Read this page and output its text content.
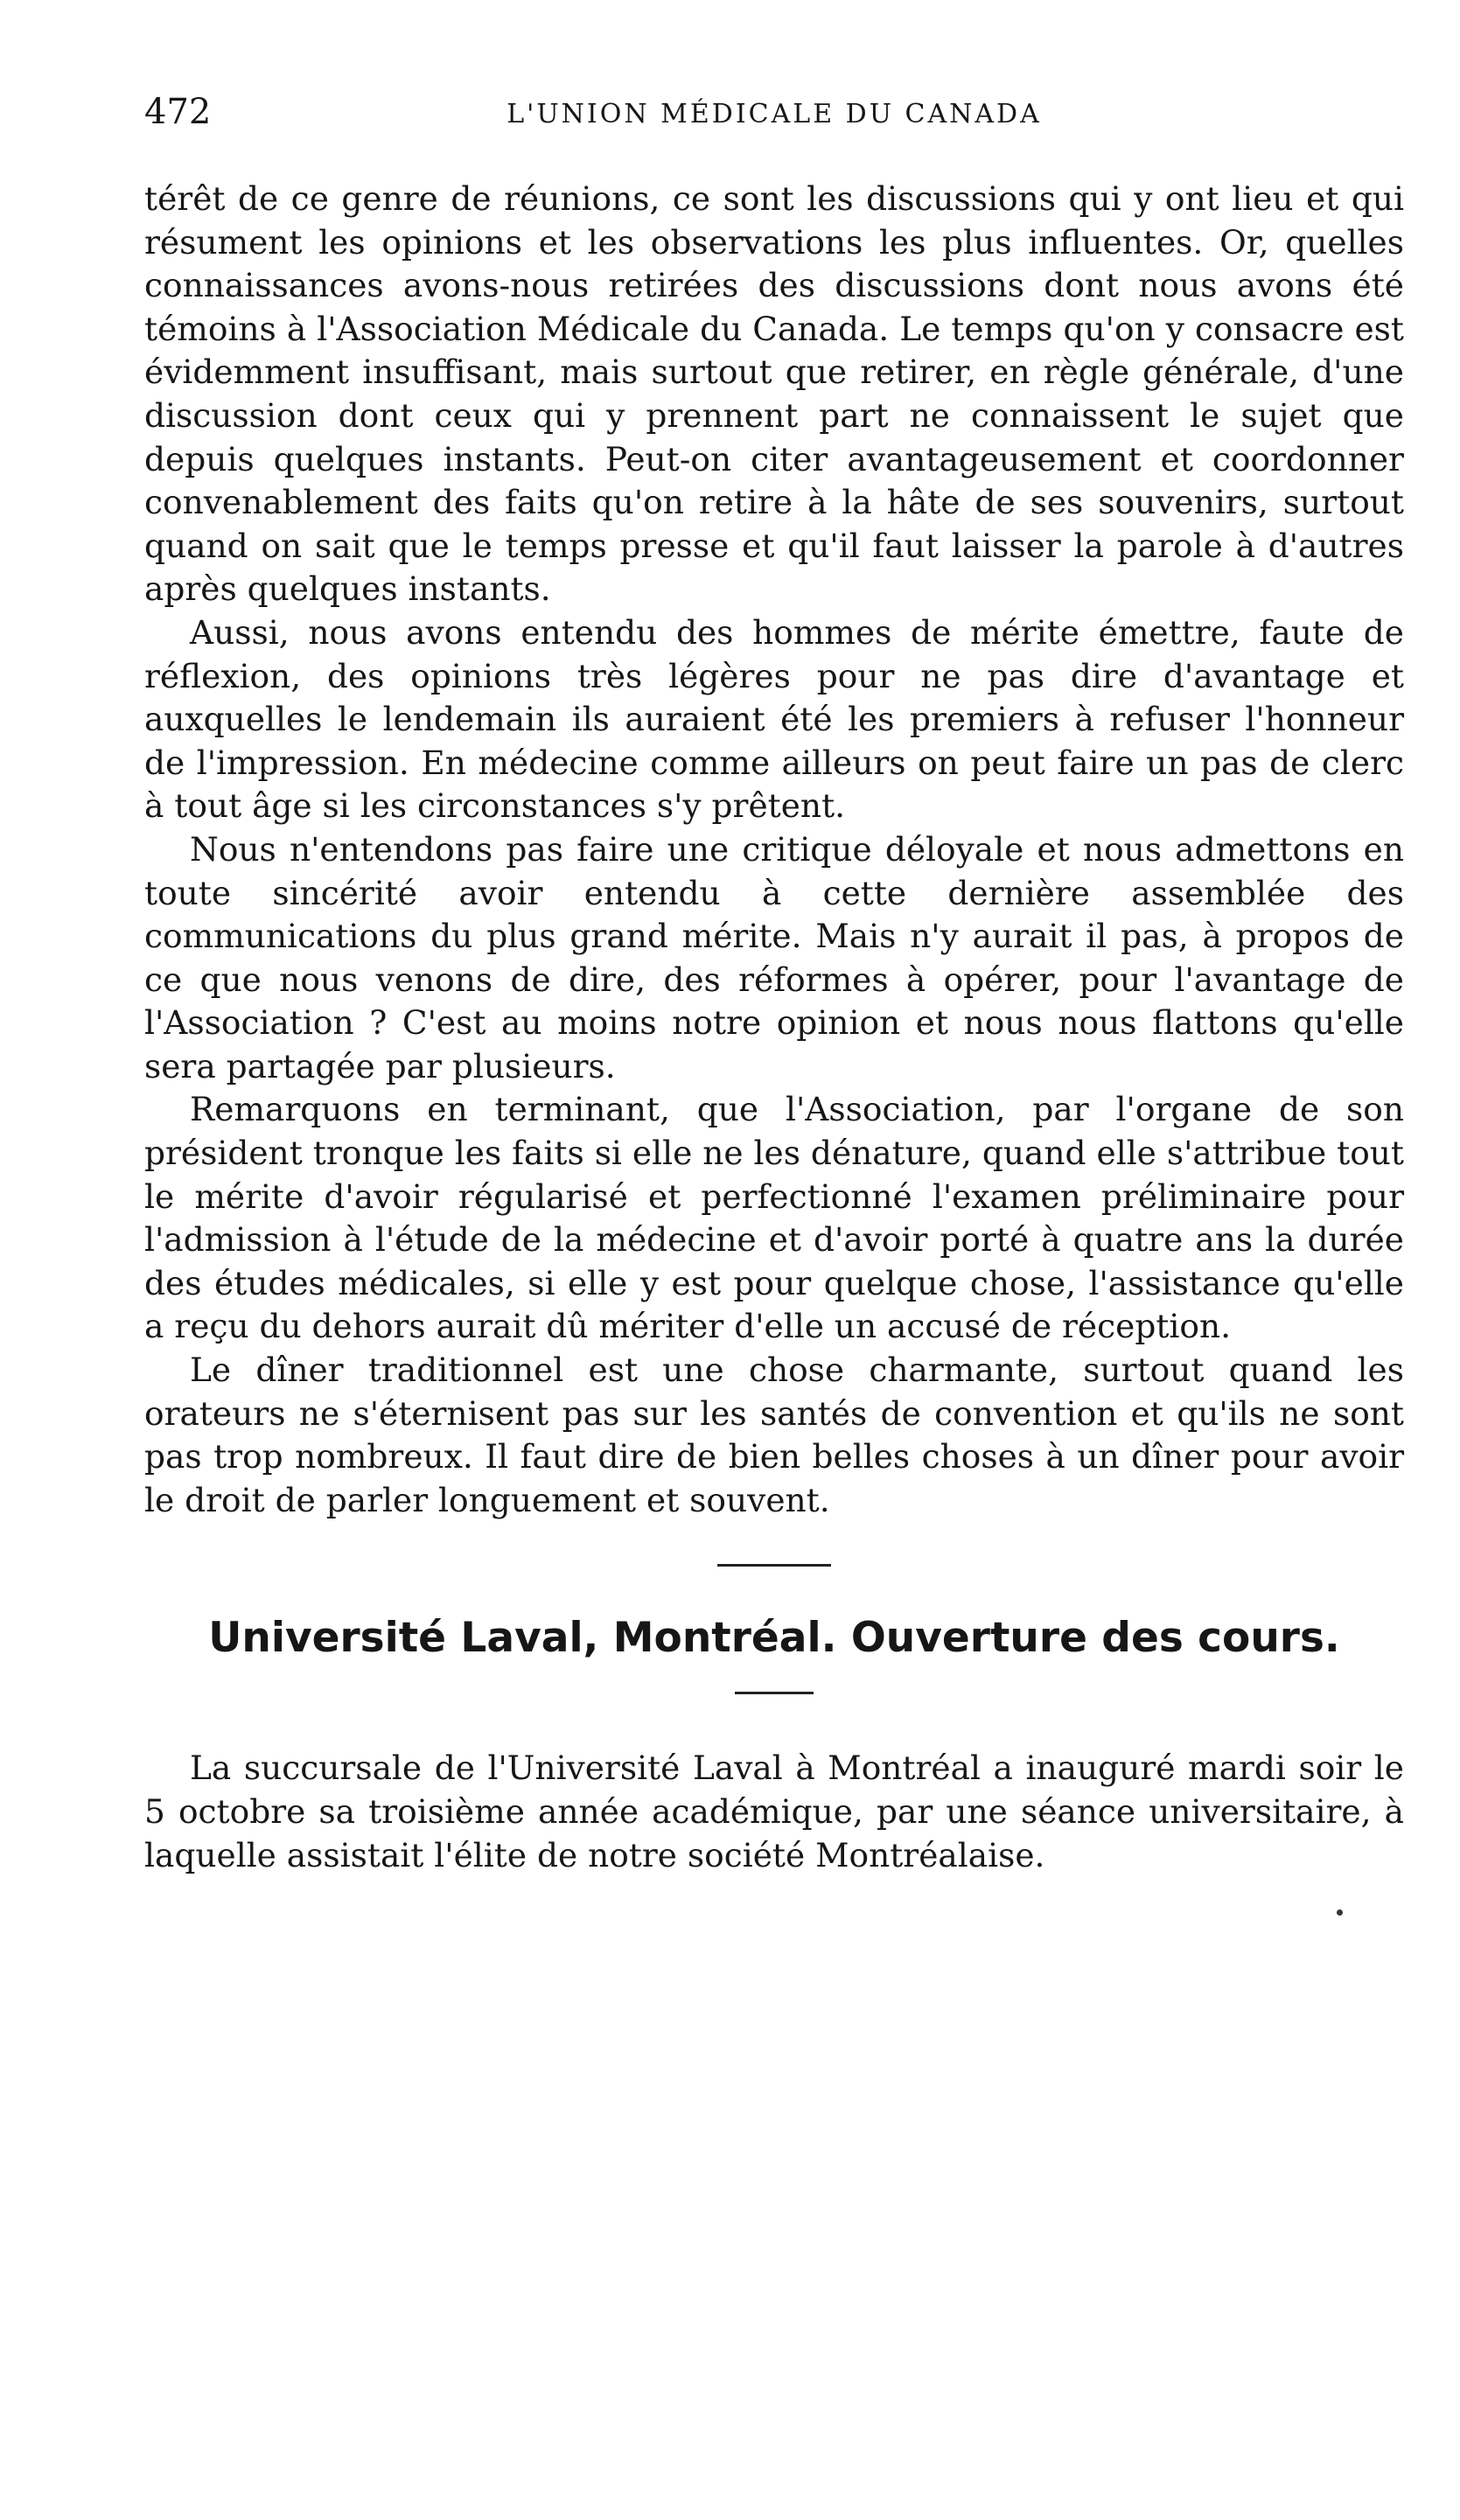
472	L'UNION MÉDICALE DU CANADA

térêt de ce genre de réunions, ce sont les discussions qui y ont lieu et qui résument les opinions et les observations les plus influentes. Or, quelles connaissances avons-nous retirées des discussions dont nous avons été témoins à l'Association Médicale du Canada. Le temps qu'on y consacre est évidemment insuffisant, mais surtout que retirer, en règle générale, d'une discussion dont ceux qui y prennent part ne connaissent le sujet que depuis quelques instants. Peut-on citer avantageusement et coordonner convenablement des faits qu'on retire à la hâte de ses souvenirs, surtout quand on sait que le temps presse et qu'il faut laisser la parole à d'autres après quelques instants.

Aussi, nous avons entendu des hommes de mérite émettre, faute de réflexion, des opinions très légères pour ne pas dire d'avantage et auxquelles le lendemain ils auraient été les premiers à refuser l'honneur de l'impression. En médecine comme ailleurs on peut faire un pas de clerc à tout âge si les circonstances s'y prêtent.

Nous n'entendons pas faire une critique déloyale et nous admettons en toute sincérité avoir entendu à cette dernière assemblée des communications du plus grand mérite. Mais n'y aurait il pas, à propos de ce que nous venons de dire, des réformes à opérer, pour l'avantage de l'Association ? C'est au moins notre opinion et nous nous flattons qu'elle sera partagée par plusieurs.

Remarquons en terminant, que l'Association, par l'organe de son président tronque les faits si elle ne les dénature, quand elle s'attribue tout le mérite d'avoir régularisé et perfectionné l'examen préliminaire pour l'admission à l'étude de la médecine et d'avoir porté à quatre ans la durée des études médicales, si elle y est pour quelque chose, l'assistance qu'elle a reçu du dehors aurait dû mériter d'elle un accusé de réception.

Le dîner traditionnel est une chose charmante, surtout quand les orateurs ne s'éternisent pas sur les santés de convention et qu'ils ne sont pas trop nombreux. Il faut dire de bien belles choses à un dîner pour avoir le droit de parler longuement et souvent.

Université Laval, Montréal. Ouverture des cours.

La succursale de l'Université Laval à Montréal a inauguré mardi soir le 5 octobre sa troisième année académique, par une séance universitaire, à laquelle assistait l'élite de notre société Montréalaise.
